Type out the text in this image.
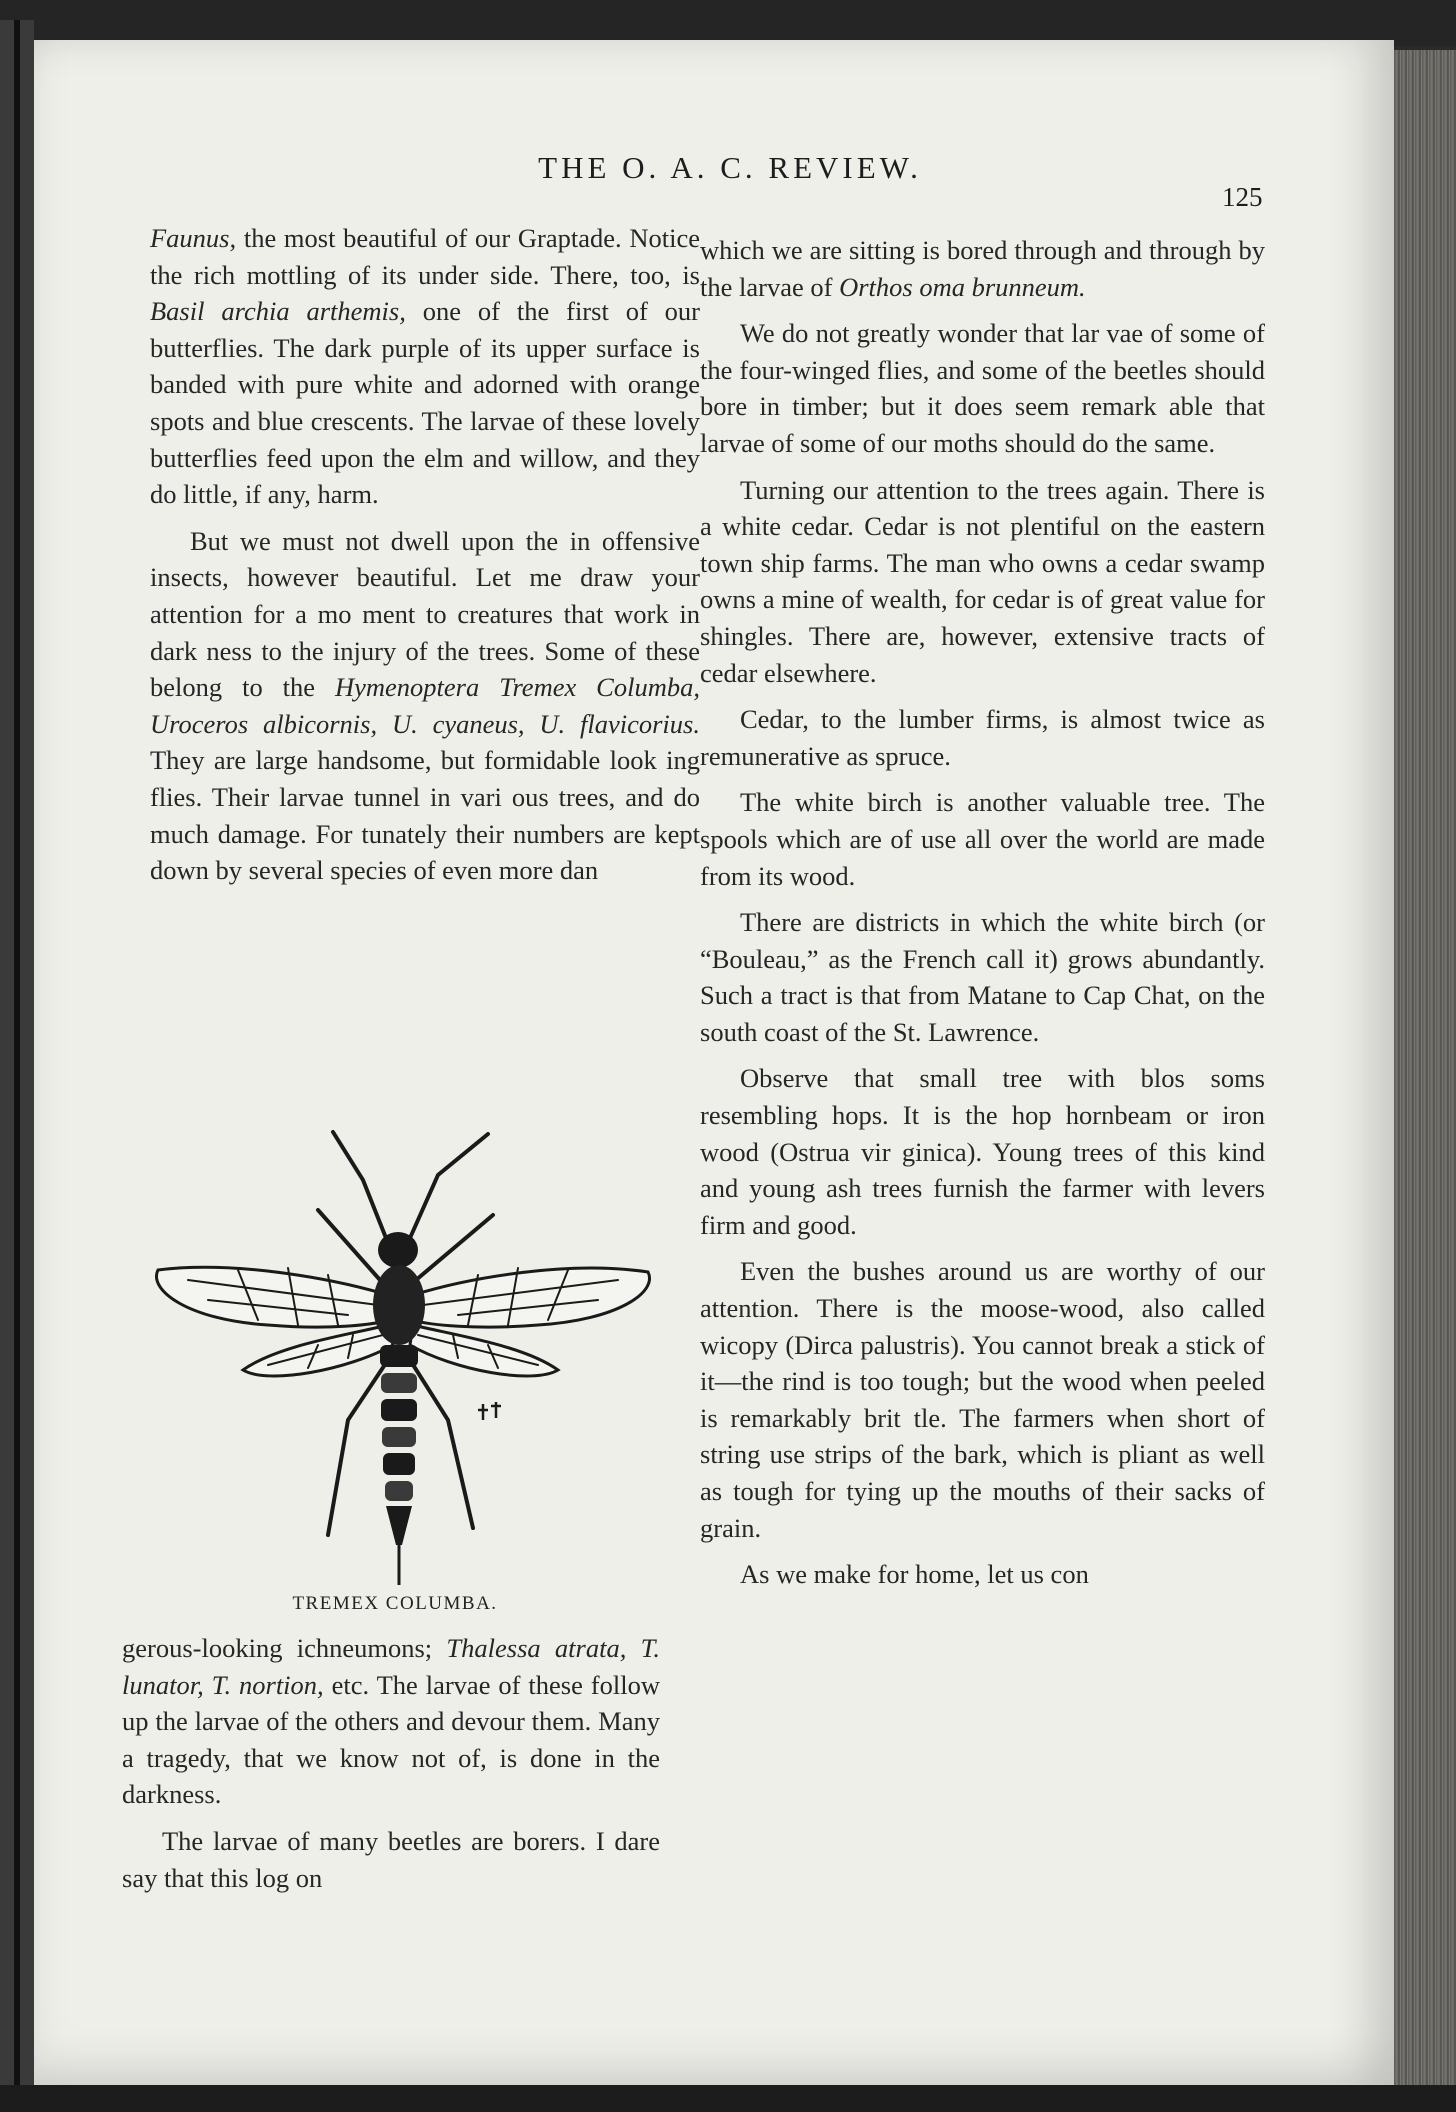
THE O. A. C. REVIEW.
125

Faunus, the most beautiful of our Graptade. Notice the rich mottling of its under side. There, too, is Basil archia arthemis, one of the first of our butterflies. The dark purple of its upper surface is banded with pure white and adorned with orange spots and blue crescents. The larvae of these lovely butterflies feed upon the elm and willow, and they do little, if any, harm.

But we must not dwell upon the in offensive insects, however beautiful. Let me draw your attention for a mo ment to creatures that work in dark ness to the injury of the trees. Some of these belong to the Hymenoptera Tremex Columba, Uroceros albicornis, U. cyaneus, U. flavicorius. They are large handsome, but formidable look ing flies. Their larvae tunnel in vari ous trees, and do much damage. For tunately their numbers are kept down by several species of even more dan

TREMEX COLUMBA.

gerous-looking ichneumons; Thalessa atrata, T. lunator, T. nortion, etc. The larvae of these follow up the larvae of the others and devour them. Many a tragedy, that we know not of, is done in the darkness.

The larvae of many beetles are borers. I dare say that this log on

which we are sitting is bored through and through by the larvae of Orthos oma brunneum.

We do not greatly wonder that lar vae of some of the four-winged flies, and some of the beetles should bore in timber; but it does seem remark able that larvae of some of our moths should do the same.

Turning our attention to the trees again. There is a white cedar. Cedar is not plentiful on the eastern town ship farms. The man who owns a cedar swamp owns a mine of wealth, for cedar is of great value for shingles. There are, however, extensive tracts of cedar elsewhere.

Cedar, to the lumber firms, is almost twice as remunerative as spruce.

The white birch is another valuable tree. The spools which are of use all over the world are made from its wood.

There are districts in which the white birch (or “Bouleau,” as the French call it) grows abundantly. Such a tract is that from Matane to Cap Chat, on the south coast of the St. Lawrence.

Observe that small tree with blos soms resembling hops. It is the hop hornbeam or iron wood (Ostrua vir ginica). Young trees of this kind and young ash trees furnish the farmer with levers firm and good.

Even the bushes around us are worthy of our attention. There is the moose-wood, also called wicopy (Dirca palustris). You cannot break a stick of it—the rind is too tough; but the wood when peeled is remarkably brit tle. The farmers when short of string use strips of the bark, which is pliant as well as tough for tying up the mouths of their sacks of grain.

As we make for home, let us con
